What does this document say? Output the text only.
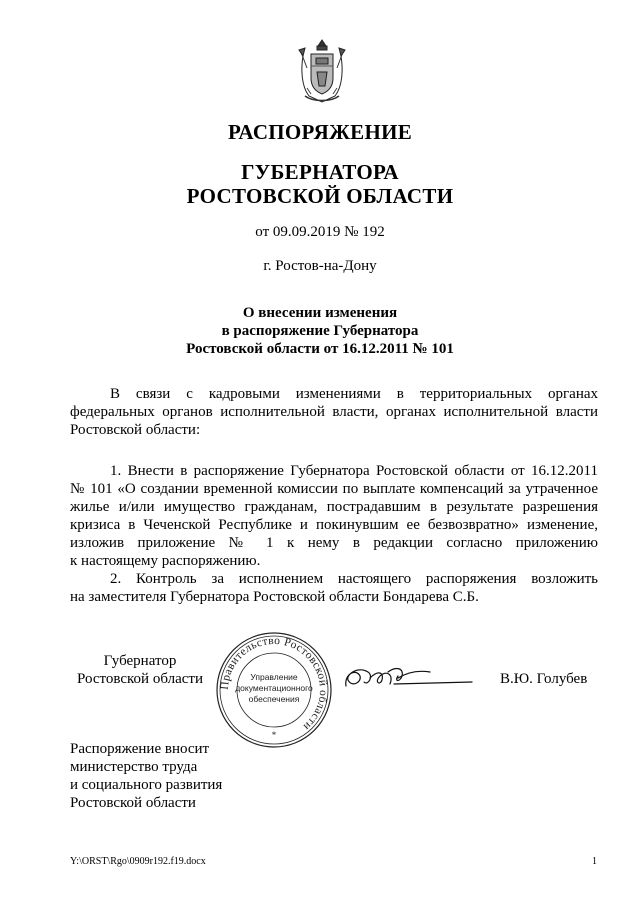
РАСПОРЯЖЕНИЕ
ГУБЕРНАТОРА
РОСТОВСКОЙ ОБЛАСТИ
от 09.09.2019 № 192
г. Ростов-на-Дону
О внесении изменения
в распоряжение Губернатора
Ростовской области от 16.12.2011 № 101
В связи с кадровыми изменениями в территориальных органах
федеральных органов исполнительной власти, органах исполнительной власти
Ростовской области:
1. Внести в распоряжение Губернатора Ростовской области от 16.12.2011
№ 101 «О создании временной комиссии по выплате компенсаций за утраченное
жилье и/или имущество гражданам, пострадавшим в результате разрешения
кризиса в Чеченской Республике и покинувшим ее безвозвратно» изменение,
изложив приложение № 1 к нему в редакции согласно приложению
к настоящему распоряжению.
2. Контроль за исполнением настоящего распоряжения возложить
на заместителя Губернатора Ростовской области Бондарева С.Б.
Губернатор
Ростовской области	Правительство Ростовской области
Управление
документационного
обеспечения
*
В.Ю. Голубев
Распоряжение вносит
министерство труда
и социального развития
Ростовской области
Y:\ORST\Rgo\0909r192.f19.docx	1
